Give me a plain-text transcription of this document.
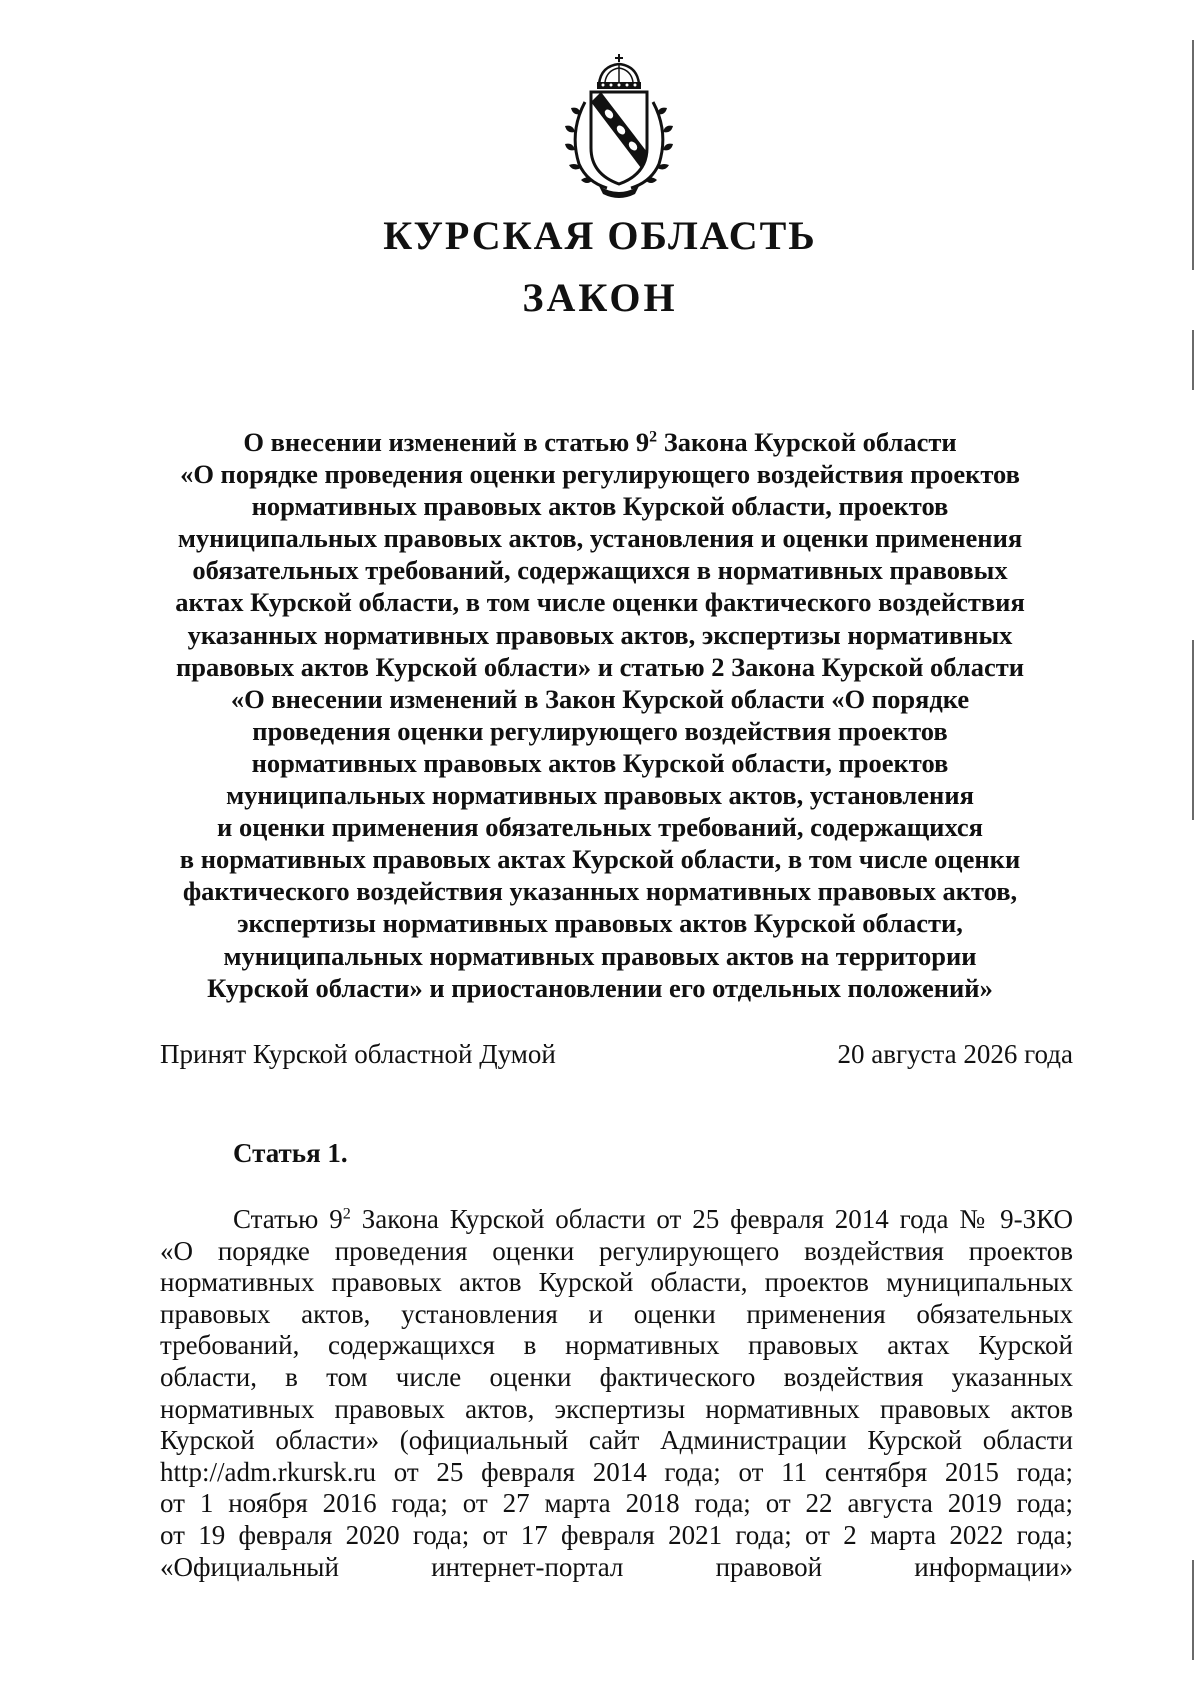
КУРСКАЯ ОБЛАСТЬ
ЗАКОН
О внесении изменений в статью $9^2$ Закона Курской области
«О порядке проведения оценки регулирующего воздействия проектов
нормативных правовых актов Курской области, проектов
муниципальных правовых актов, установления и оценки применения
обязательных требований, содержащихся в нормативных правовых
актах Курской области, в том числе оценки фактического воздействия
указанных нормативных правовых актов, экспертизы нормативных
правовых актов Курской области» и статью 2 Закона Курской области
«О внесении изменений в Закон Курской области «О порядке
проведения оценки регулирующего воздействия проектов
нормативных правовых актов Курской области, проектов
муниципальных нормативных правовых актов, установления
и оценки применения обязательных требований, содержащихся
в нормативных правовых актах Курской области, в том числе оценки
фактического воздействия указанных нормативных правовых актов,
экспертизы нормативных правовых актов Курской области,
муниципальных нормативных правовых актов на территории
Курской области» и приостановлении его отдельных положений»
Принят Курской областной Думой	20 августа 2026 года
Статья 1.
Статью $9^2$ Закона Курской области от 25 февраля 2014 года № 9-ЗКО
«О порядке проведения оценки регулирующего воздействия проектов
нормативных правовых актов Курской области, проектов муниципальных
правовых актов, установления и оценки применения обязательных
требований, содержащихся в нормативных правовых актах Курской
области, в том числе оценки фактического воздействия указанных
нормативных правовых актов, экспертизы нормативных правовых актов
Курской области» (официальный сайт Администрации Курской области
http://adm.rkursk.ru от 25 февраля 2014 года; от 11 сентября 2015 года;
от 1 ноября 2016 года; от 27 марта 2018 года; от 22 августа 2019 года;
от 19 февраля 2020 года; от 17 февраля 2021 года; от 2 марта 2022 года;
«Официальный интернет-портал правовой информации»
